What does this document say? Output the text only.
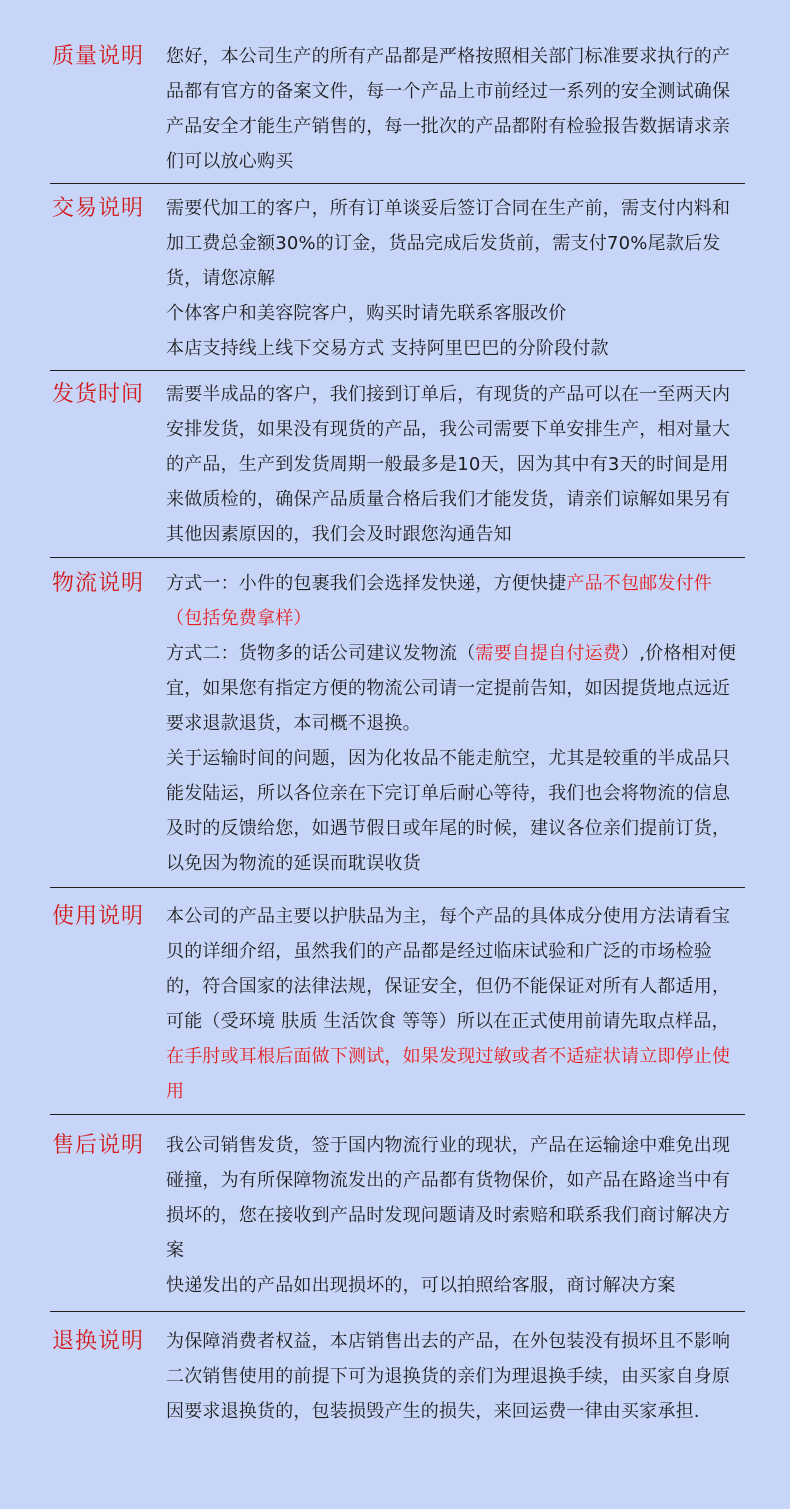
质量说明 您好，本公司生产的所有产品都是严格按照相关部门标准要求执行的产品都有官方的备案文件，每一个产品上市前经过一系列的安全测试确保产品安全才能生产销售的，每一批次的产品都附有检验报告数据请求亲们可以放心购买

交易说明 需要代加工的客户，所有订单谈妥后签订合同在生产前，需支付内料和加工费总金额30%的订金，货品完成后发货前，需支付70%尾款后发货，请您凉解

个体客户和美容院客户，购买时请先联系客服改价

本店支持线上线下交易方式 支持阿里巴巴的分阶段付款

发货时间 需要半成品的客户，我们接到订单后，有现货的产品可以在一至两天内安排发货，如果没有现货的产品，我公司需要下单安排生产，相对量大的产品，生产到发货周期一般最多是10天，因为其中有3天的时间是用来做质检的，确保产品质量合格后我们才能发货，请亲们谅解如果另有其他因素原因的，我们会及时跟您沟通告知

物流说明 方式一：小件的包裹我们会选择发快递，方便快捷产品不包邮发付件（包括免费拿样）

方式二：货物多的话公司建议发物流（需要自提自付运费）,价格相对便宜，如果您有指定方便的物流公司请一定提前告知，如因提货地点远近要求退款退货，本司概不退换。

关于运输时间的问题，因为化妆品不能走航空，尤其是较重的半成品只能发陆运，所以各位亲在下完订单后耐心等待，我们也会将物流的信息及时的反馈给您，如遇节假日或年尾的时候，建议各位亲们提前订货，以免因为物流的延误而耽误收货

使用说明 本公司的产品主要以护肤品为主，每个产品的具体成分使用方法请看宝贝的详细介绍，虽然我们的产品都是经过临床试验和广泛的市场检验的，符合国家的法律法规，保证安全，但仍不能保证对所有人都适用，可能（受环境 肤质 生活饮食 等等）所以在正式使用前请先取点样品，在手肘或耳根后面做下测试，如果发现过敏或者不适症状请立即停止使用

售后说明 我公司销售发货，签于国内物流行业的现状，产品在运输途中难免出现碰撞，为有所保障物流发出的产品都有货物保价，如产品在路途当中有损坏的，您在接收到产品时发现问题请及时索赔和联系我们商讨解决方案

快递发出的产品如出现损坏的，可以拍照给客服，商讨解决方案

退换说明 为保障消费者权益，本店销售出去的产品，在外包装没有损坏且不影响二次销售使用的前提下可为退换货的亲们为理退换手续，由买家自身原因要求退换货的，包装损毁产生的损失，来回运费一律由买家承担.
